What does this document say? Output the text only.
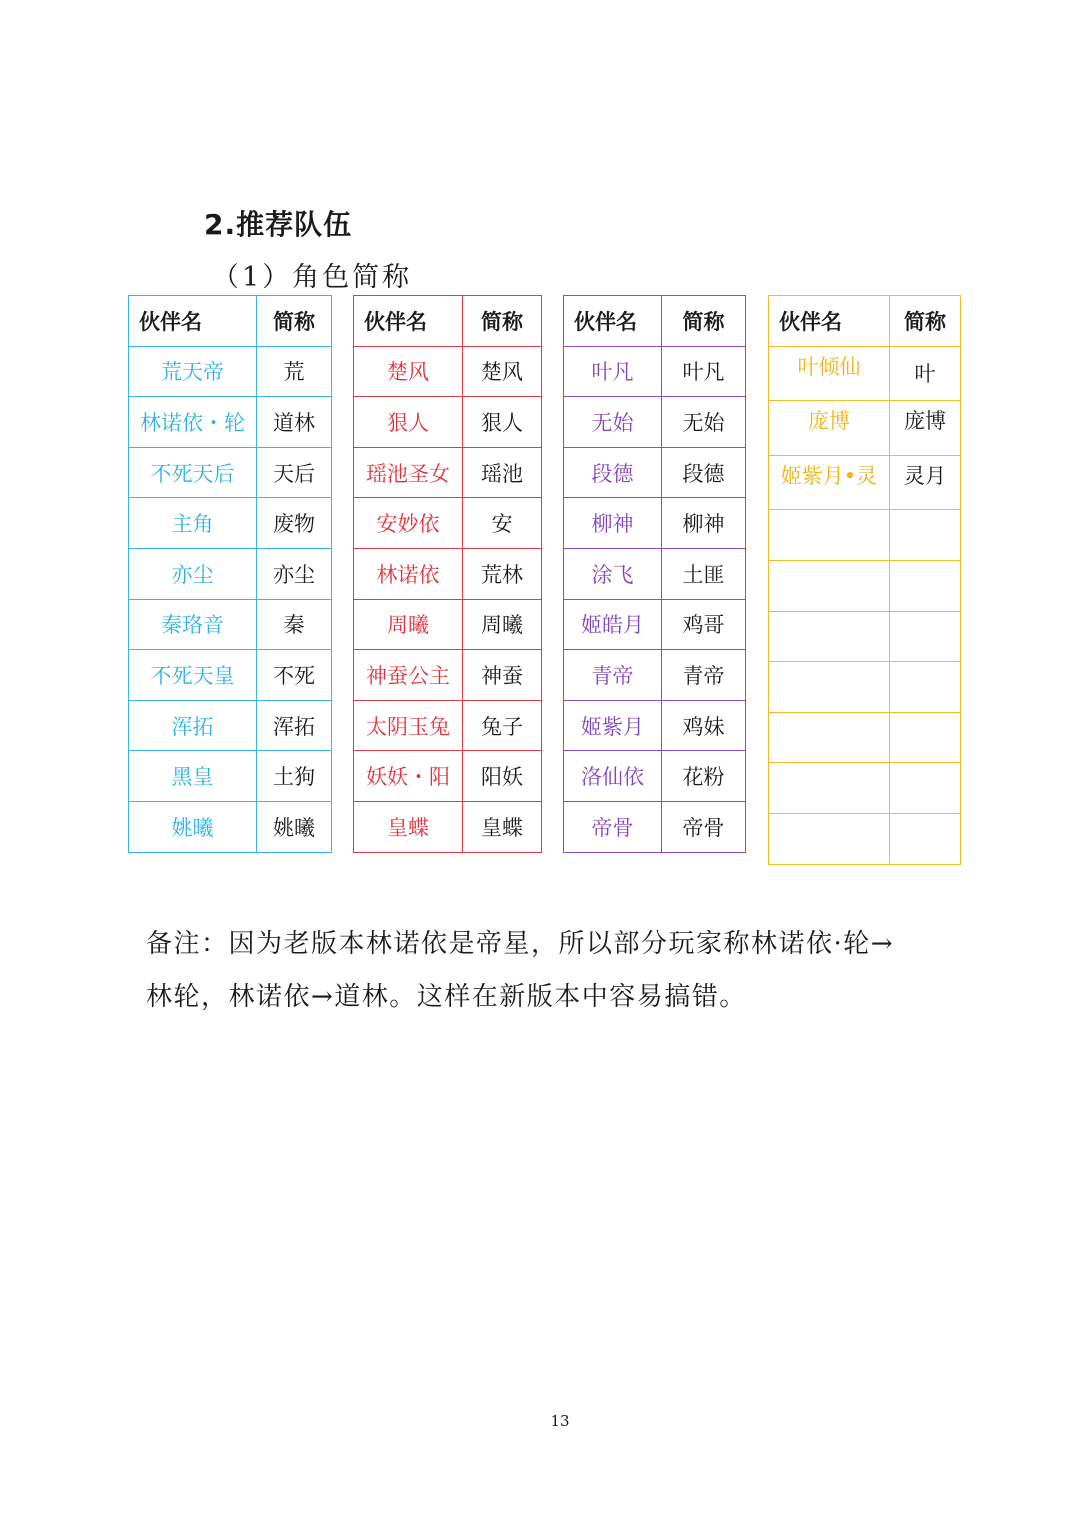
2.推荐队伍
（1）角色简称
伙伴名	简称
荒天帝	荒
林诺依・轮	道林
不死天后	天后
主角	废物
亦尘	亦尘
秦珞音	秦
不死天皇	不死
浑拓	浑拓
黑皇	土狗
姚曦	姚曦
伙伴名	简称
楚风	楚风
狠人	狠人
瑶池圣女	瑶池
安妙依	安
林诺依	荒林
周曦	周曦
神蚕公主	神蚕
太阴玉兔	兔子
妖妖・阳	阳妖
皇蝶	皇蝶
伙伴名	简称
叶凡	叶凡
无始	无始
段德	段德
柳神	柳神
涂飞	土匪
姬皓月	鸡哥
青帝	青帝
姬紫月	鸡妹
洛仙依	花粉
帝骨	帝骨
伙伴名	简称
叶倾仙	叶
庞博	庞博
姬紫月•灵	灵月

备注：因为老版本林诺依是帝星，所以部分玩家称林诺依·轮→
林轮，林诺依→道林。这样在新版本中容易搞错。
13
